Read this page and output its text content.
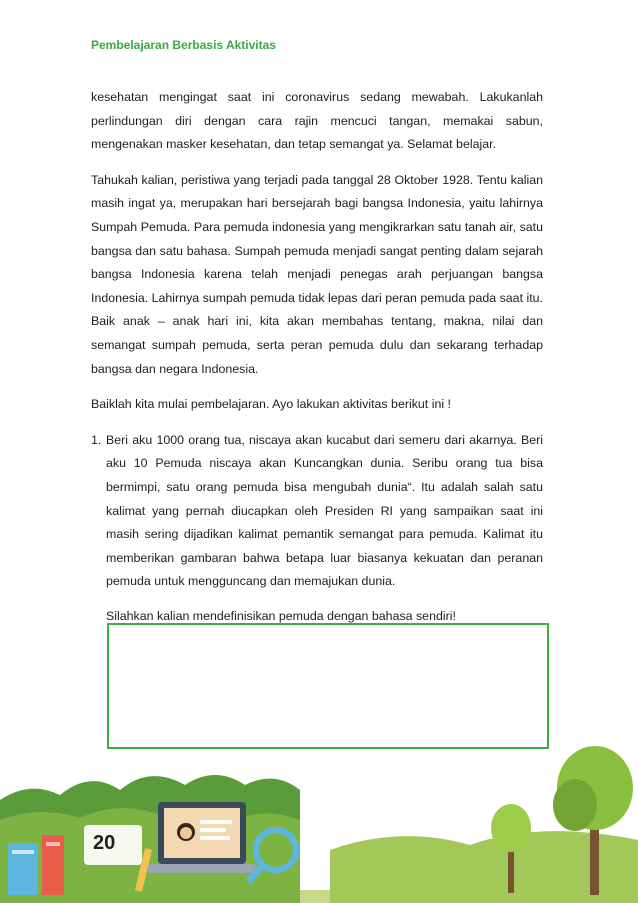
Pembelajaran Berbasis Aktivitas

kesehatan mengingat saat ini coronavirus sedang mewabah. Lakukanlah perlindungan diri dengan cara rajin mencuci tangan, memakai sabun, mengenakan masker kesehatan, dan tetap semangat ya. Selamat belajar.

Tahukah kalian, peristiwa yang terjadi pada tanggal 28 Oktober 1928. Tentu kalian masih ingat ya, merupakan hari bersejarah bagi bangsa Indonesia, yaitu lahirnya Sumpah Pemuda. Para pemuda indonesia yang mengikrarkan satu tanah air, satu bangsa dan satu bahasa. Sumpah pemuda menjadi sangat penting dalam sejarah bangsa Indonesia karena telah menjadi penegas arah perjuangan bangsa Indonesia. Lahirnya sumpah pemuda tidak lepas dari peran pemuda pada saat itu. Baik anak – anak hari ini, kita akan membahas tentang, makna, nilai dan semangat sumpah pemuda, serta peran pemuda dulu dan sekarang terhadap bangsa dan negara Indonesia.

Baiklah kita mulai pembelajaran. Ayo lakukan aktivitas berikut ini !

1. Beri aku 1000 orang tua, niscaya akan kucabut dari semeru dari akarnya. Beri aku 10 Pemuda niscaya akan Kuncangkan dunia. Seribu orang tua bisa bermimpi, satu orang pemuda bisa mengubah dunia“. Itu adalah salah satu kalimat yang pernah diucapkan oleh Presiden RI yang sampaikan saat ini masih sering dijadikan kalimat pemantik semangat para pemuda. Kalimat itu memberikan gambaran bahwa betapa luar biasanya kekuatan dan peranan pemuda untuk mengguncang dan memajukan dunia.
Silahkan kalian mendefinisikan pemuda dengan bahasa sendiri!
20
